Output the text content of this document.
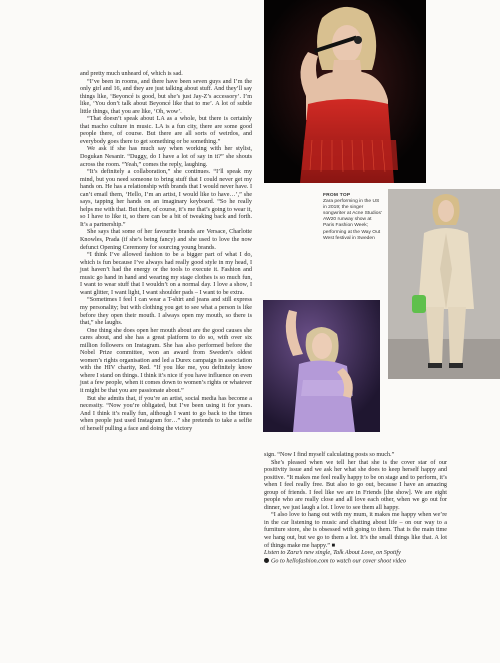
FROM TOP
Zara performing in the US in 2019; the singer songwriter at Acne Studios’ AW20 runway show at Paris Fashion Week; performing at the Way Out West festival in Sweden

and pretty much unheard of, which is sad.

“I’ve been in rooms, and there have been seven guys and I’m the only girl and 16, and they are just talking about stuff. And they’ll say things like, ‘Beyoncé is good, but she’s just Jay-Z’s accessory’. I’m like, ‘You don’t talk about Beyoncé like that to me’. A lot of subtle little things, that you are like, ‘Oh, wow’.

“That doesn’t speak about LA as a whole, but there is certainly that macho culture in music. LA is a fun city, there are some good people there, of course. But there are all sorts of weirdos, and everybody goes there to get something or be something.”

We ask if she has much say when working with her stylist, Dogukan Nesanir. “Duggy, do I have a lot of say in it?” she shouts across the room. “Yeah,” comes the reply, laughing.

“It’s definitely a collaboration,” she continues. “I’ll speak my mind, but you need someone to bring stuff that I could never get my hands on. He has a relationship with brands that I would never have. I can’t email them, ‘Hello, I’m an artist, I would like to have…’,” she says, tapping her hands on an imaginary keyboard. “So he really helps me with that. But then, of course, it’s me that’s going to wear it, so I have to like it, so there can be a bit of tweaking back and forth. It’s a partnership.”

She says that some of her favourite brands are Versace, Charlotte Knowles, Prada (if she’s being fancy) and she used to love the now defunct Opening Ceremony for sourcing young brands.

“I think I’ve allowed fashion to be a bigger part of what I do, which is fun because I’ve always had really good style in my head, I just haven’t had the energy or the tools to execute it. Fashion and music go hand in hand and wearing my stage clothes is so much fun, I want to wear stuff that I wouldn’t on a normal day. I love a show, I want glitter, I want light, I want shoulder pads – I want to be extra.

“Sometimes I feel I can wear a T-shirt and jeans and still express my personality; but with clothing you get to see what a person is like before they open their mouth. I always open my mouth, so there is that,” she laughs.

One thing she does open her mouth about are the good causes she cares about, and she has a great platform to do so, with over six million followers on Instagram. She has also performed before the Nobel Prize committee, won an award from Sweden’s oldest women’s rights organisation and led a Durex campaign in association with the HIV charity, Red. “If you like me, you definitely know where I stand on things. I think it’s nice if you have influence on even just a few people, when it comes down to women’s rights or whatever it might be that you are passionate about.”

But she admits that, if you’re an artist, social media has become a necessity. “Now you’re obligated, but I’ve been using it for years. And I think it’s really fun, although I want to go back to the times when people just used Instagram for…” she pretends to take a selfie of herself pulling a face and doing the victory

sign. “Now I find myself calculating posts so much.”

She’s pleased when we tell her that she is the cover star of our positivity issue and we ask her what she does to keep herself happy and positive. “It makes me feel really happy to be on stage and to perform, it’s when I feel really free. But also to go out, because I have an amazing group of friends. I feel like we are in Friends [the show]. We are eight people who are really close and all love each other, when we go out for dinner, we just laugh a lot. I love to see them all happy.

“I also love to hang out with my mum, it makes me happy when we’re in the car listening to music and chatting about life – on our way to a furniture store, she is obsessed with going to them. That is the main time we hang out, but we go to them a lot. It’s the small things like that. A lot of things make me happy.” ■

Listen to Zara’s new single, Talk About Love, on Spotify

Go to hellofashion.com to watch our cover shoot video
